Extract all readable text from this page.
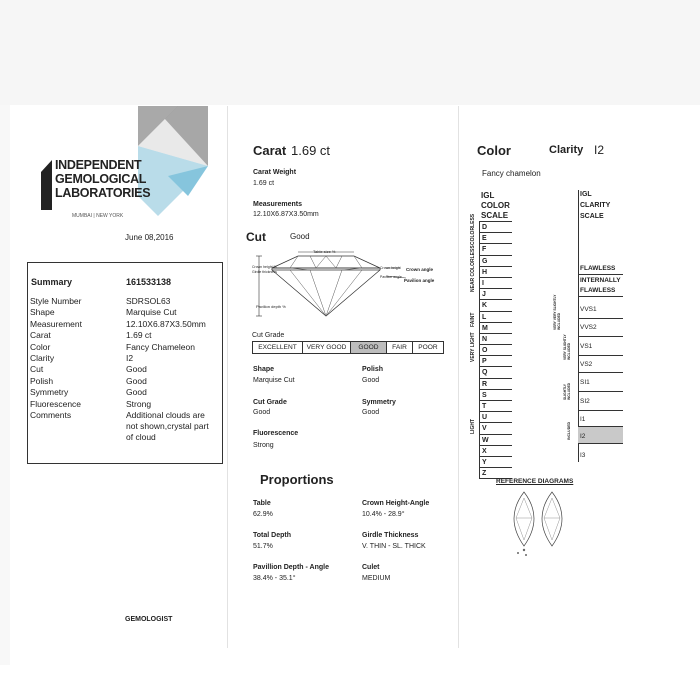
INDEPENDENT
GEMOLOGICAL
LABORATORIES
MUMBAI | NEW YORK
June 08,2016
Summary	161533138
Style Number	SDRSOL63
Shape	Marquise Cut
Measurement	12.10X6.87X3.50mm
Carat	1.69 ct
Color	Fancy Chameleon
Clarity	I2
Cut	Good
Polish	Good
Symmetry	Good
Fluorescence	Strong
Comments	Additional clouds are not shown,crystal part of cloud
GEMOLOGIST
Carat 1.69 ct
Carat Weight
1.69 ct
Measurements
12.10X6.87X3.50mm
Cut	Good
Table size %
Crown height %
Girdle thickness
Pavilion depth %
Crown height Crown angle
Pavilion angle
Pavilion angle
Cut Grade
EXCELLENT	VERY GOOD	GOOD	FAIR	POOR
Shape
Marquise Cut
Polish
Good
Cut Grade
Good
Symmetry
Good
Fluorescence
Strong
Proportions
Table
62.9%
Crown Height-Angle
10.4% - 28.9°
Total Depth
51.7%
Girdle Thickness
V. THIN - SL. THICK
Pavillion Depth - Angle
38.4% - 35.1°
Culet
MEDIUM
Color	Clarity I2
Fancy chamelon
IGL
COLOR
SCALE
D
E
F
G
H
I
J
K
L
M
N
O
P
Q
R
S
T
U
V
W
X
Y
Z
COLORLESS
NEAR COLORLESS
FAINT
VERY LIGHT
LIGHT
IGL
CLARITY
SCALE
FLAWLESS
INTERNALLY
FLAWLESS
VVS1
VVS2
VS1
VS2
SI1
SI2
I1
I2
I3
VERY VERY SLIGHTLY INCLUDED
VERY SLIGHTLY INCLUDED
SLIGHTLY INCLUDED
INCLUDED
REFERENCE DIAGRAMS
